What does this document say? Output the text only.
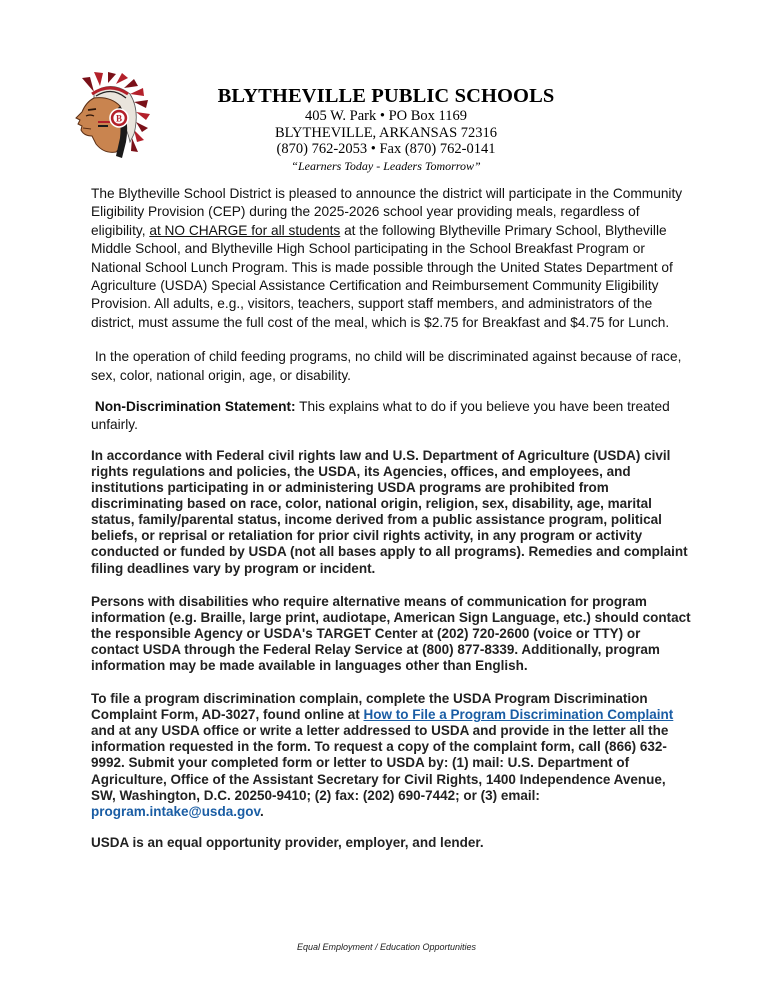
B
BLYTHEVILLE PUBLIC SCHOOLS
405 W. Park • PO Box 1169
BLYTHEVILLE, ARKANSAS 72316
(870) 762-2053 • Fax (870) 762-0141
“Learners Today - Leaders Tomorrow”

The Blytheville School District is pleased to announce the district will participate in the Community Eligibility Provision (CEP) during the 2025-2026 school year providing meals, regardless of eligibility, at NO CHARGE for all students at the following Blytheville Primary School, Blytheville Middle School, and Blytheville High School participating in the School Breakfast Program or National School Lunch Program. This is made possible through the United States Department of Agriculture (USDA) Special Assistance Certification and Reimbursement Community Eligibility Provision. All adults, e.g., visitors, teachers, support staff members, and administrators of the district, must assume the full cost of the meal, which is $2.75 for Breakfast and $4.75 for Lunch.

In the operation of child feeding programs, no child will be discriminated against because of race, sex, color, national origin, age, or disability.

Non-Discrimination Statement: This explains what to do if you believe you have been treated unfairly.

In accordance with Federal civil rights law and U.S. Department of Agriculture (USDA) civil rights regulations and policies, the USDA, its Agencies, offices, and employees, and institutions participating in or administering USDA programs are prohibited from discriminating based on race, color, national origin, religion, sex, disability, age, marital status, family/parental status, income derived from a public assistance program, political beliefs, or reprisal or retaliation for prior civil rights activity, in any program or activity conducted or funded by USDA (not all bases apply to all programs). Remedies and complaint filing deadlines vary by program or incident.

Persons with disabilities who require alternative means of communication for program information (e.g. Braille, large print, audiotape, American Sign Language, etc.) should contact the responsible Agency or USDA's TARGET Center at (202) 720-2600 (voice or TTY) or contact USDA through the Federal Relay Service at (800) 877-8339. Additionally, program information may be made available in languages other than English.

To file a program discrimination complain, complete the USDA Program Discrimination Complaint Form, AD-3027, found online at How to File a Program Discrimination Complaint and at any USDA office or write a letter addressed to USDA and provide in the letter all the information requested in the form. To request a copy of the complaint form, call (866) 632-9992. Submit your completed form or letter to USDA by: (1) mail: U.S. Department of Agriculture, Office of the Assistant Secretary for Civil Rights, 1400 Independence Avenue, SW, Washington, D.C. 20250-9410; (2) fax: (202) 690-7442; or (3) email: program.intake@usda.gov.

USDA is an equal opportunity provider, employer, and lender.

Equal Employment / Education Opportunities
